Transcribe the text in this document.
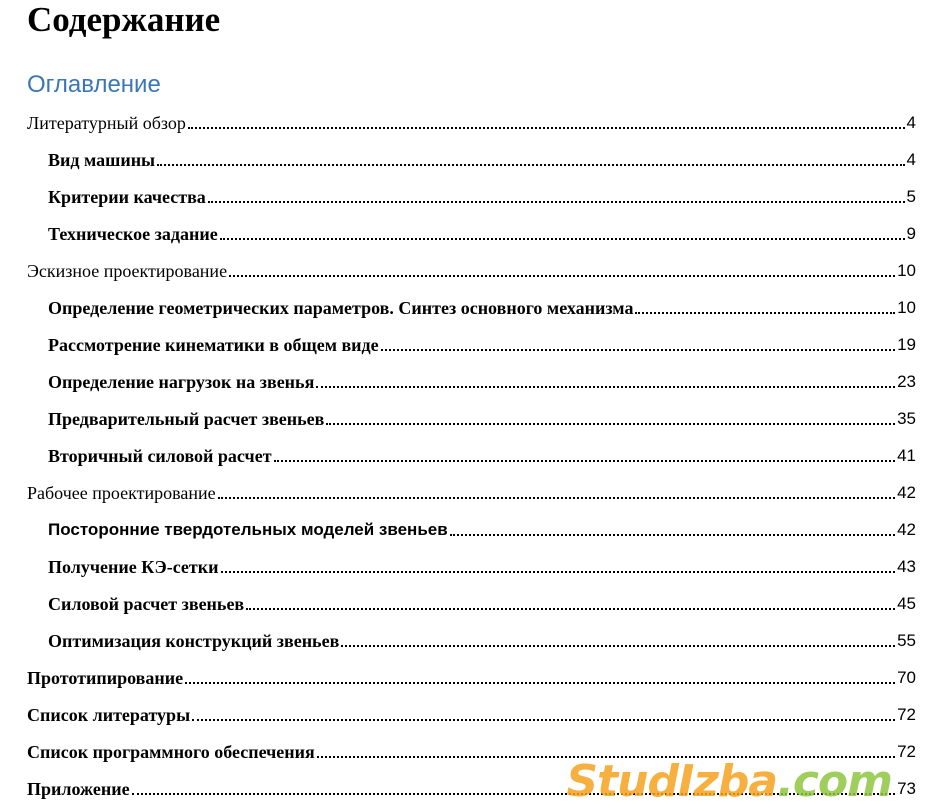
Содержание
Оглавление
Литературный обзор	4
Вид машины	4
Критерии качества	5
Техническое задание	9
Эскизное проектирование	10
Определение геометрических параметров. Синтез основного механизма	10
Рассмотрение кинематики в общем виде	19
Определение нагрузок на звенья	23
Предварительный расчет звеньев	35
Вторичный силовой расчет	41
Рабочее проектирование	42
Посторонние твердотельных моделей звеньев	42
Получение КЭ-сетки	43
Силовой расчет звеньев	45
Оптимизация конструкций звеньев	55
Прототипирование	70
Список литературы	72
Список программного обеспечения	72
Приложение	73
StudIzba.com
